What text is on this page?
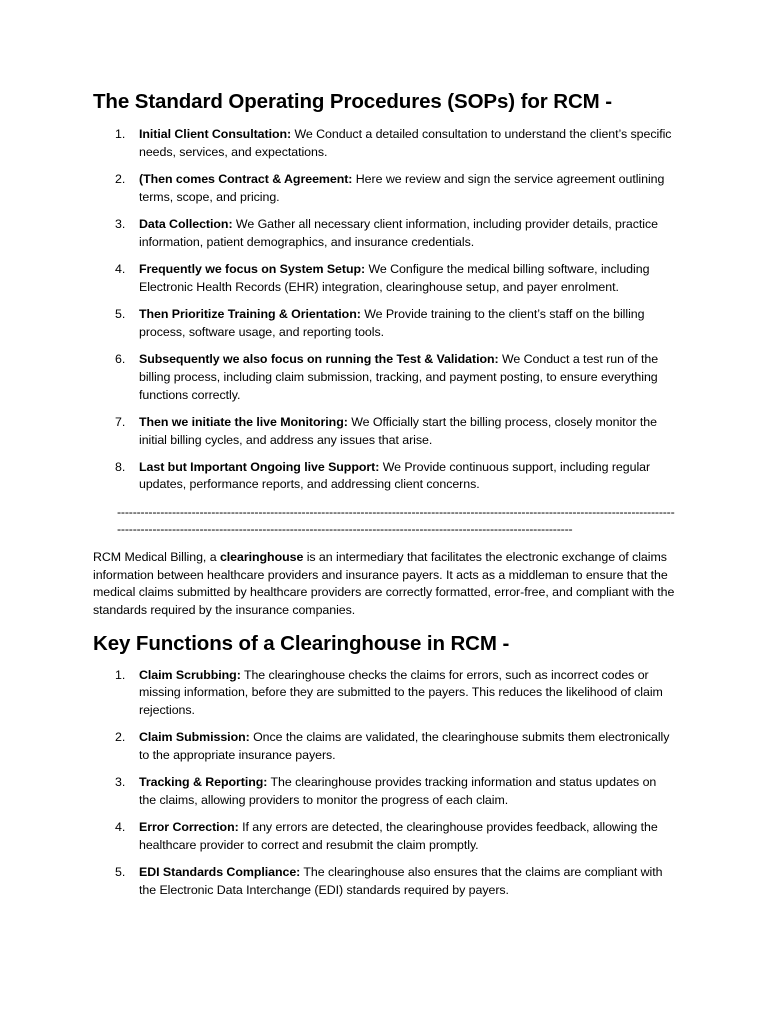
The Standard Operating Procedures (SOPs) for RCM -
1.	Initial Client Consultation: We Conduct a detailed consultation to understand the client’s specific needs, services, and expectations.
2.	(Then comes Contract & Agreement: Here we review and sign the service agreement outlining terms, scope, and pricing.
3.	Data Collection: We Gather all necessary client information, including provider details, practice information, patient demographics, and insurance credentials.
4.	Frequently we focus on System Setup: We Configure the medical billing software, including Electronic Health Records (EHR) integration, clearinghouse setup, and payer enrolment.
5.	Then Prioritize Training & Orientation: We Provide training to the client’s staff on the billing process, software usage, and reporting tools.
6.	Subsequently we also focus on running the Test & Validation: We Conduct a test run of the billing process, including claim submission, tracking, and payment posting, to ensure everything functions correctly.
7.	Then we initiate the live Monitoring: We Officially start the billing process, closely monitor the initial billing cycles, and address any issues that arise.
8.	Last but Important Ongoing live Support: We Provide continuous support, including regular updates, performance reports, and addressing client concerns.
------------------------------------------------------------------------------------------------------------------------------------------------------------------------------------------------------------------------------------------------------------------

RCM Medical Billing, a clearinghouse is an intermediary that facilitates the electronic exchange of claims information between healthcare providers and insurance payers. It acts as a middleman to ensure that the medical claims submitted by healthcare providers are correctly formatted, error-free, and compliant with the standards required by the insurance companies.

Key Functions of a Clearinghouse in RCM -
1.	Claim Scrubbing: The clearinghouse checks the claims for errors, such as incorrect codes or missing information, before they are submitted to the payers. This reduces the likelihood of claim rejections.
2.	Claim Submission: Once the claims are validated, the clearinghouse submits them electronically to the appropriate insurance payers.
3.	Tracking & Reporting: The clearinghouse provides tracking information and status updates on the claims, allowing providers to monitor the progress of each claim.
4.	Error Correction: If any errors are detected, the clearinghouse provides feedback, allowing the healthcare provider to correct and resubmit the claim promptly.
5.	EDI Standards Compliance: The clearinghouse also ensures that the claims are compliant with the Electronic Data Interchange (EDI) standards required by payers.
